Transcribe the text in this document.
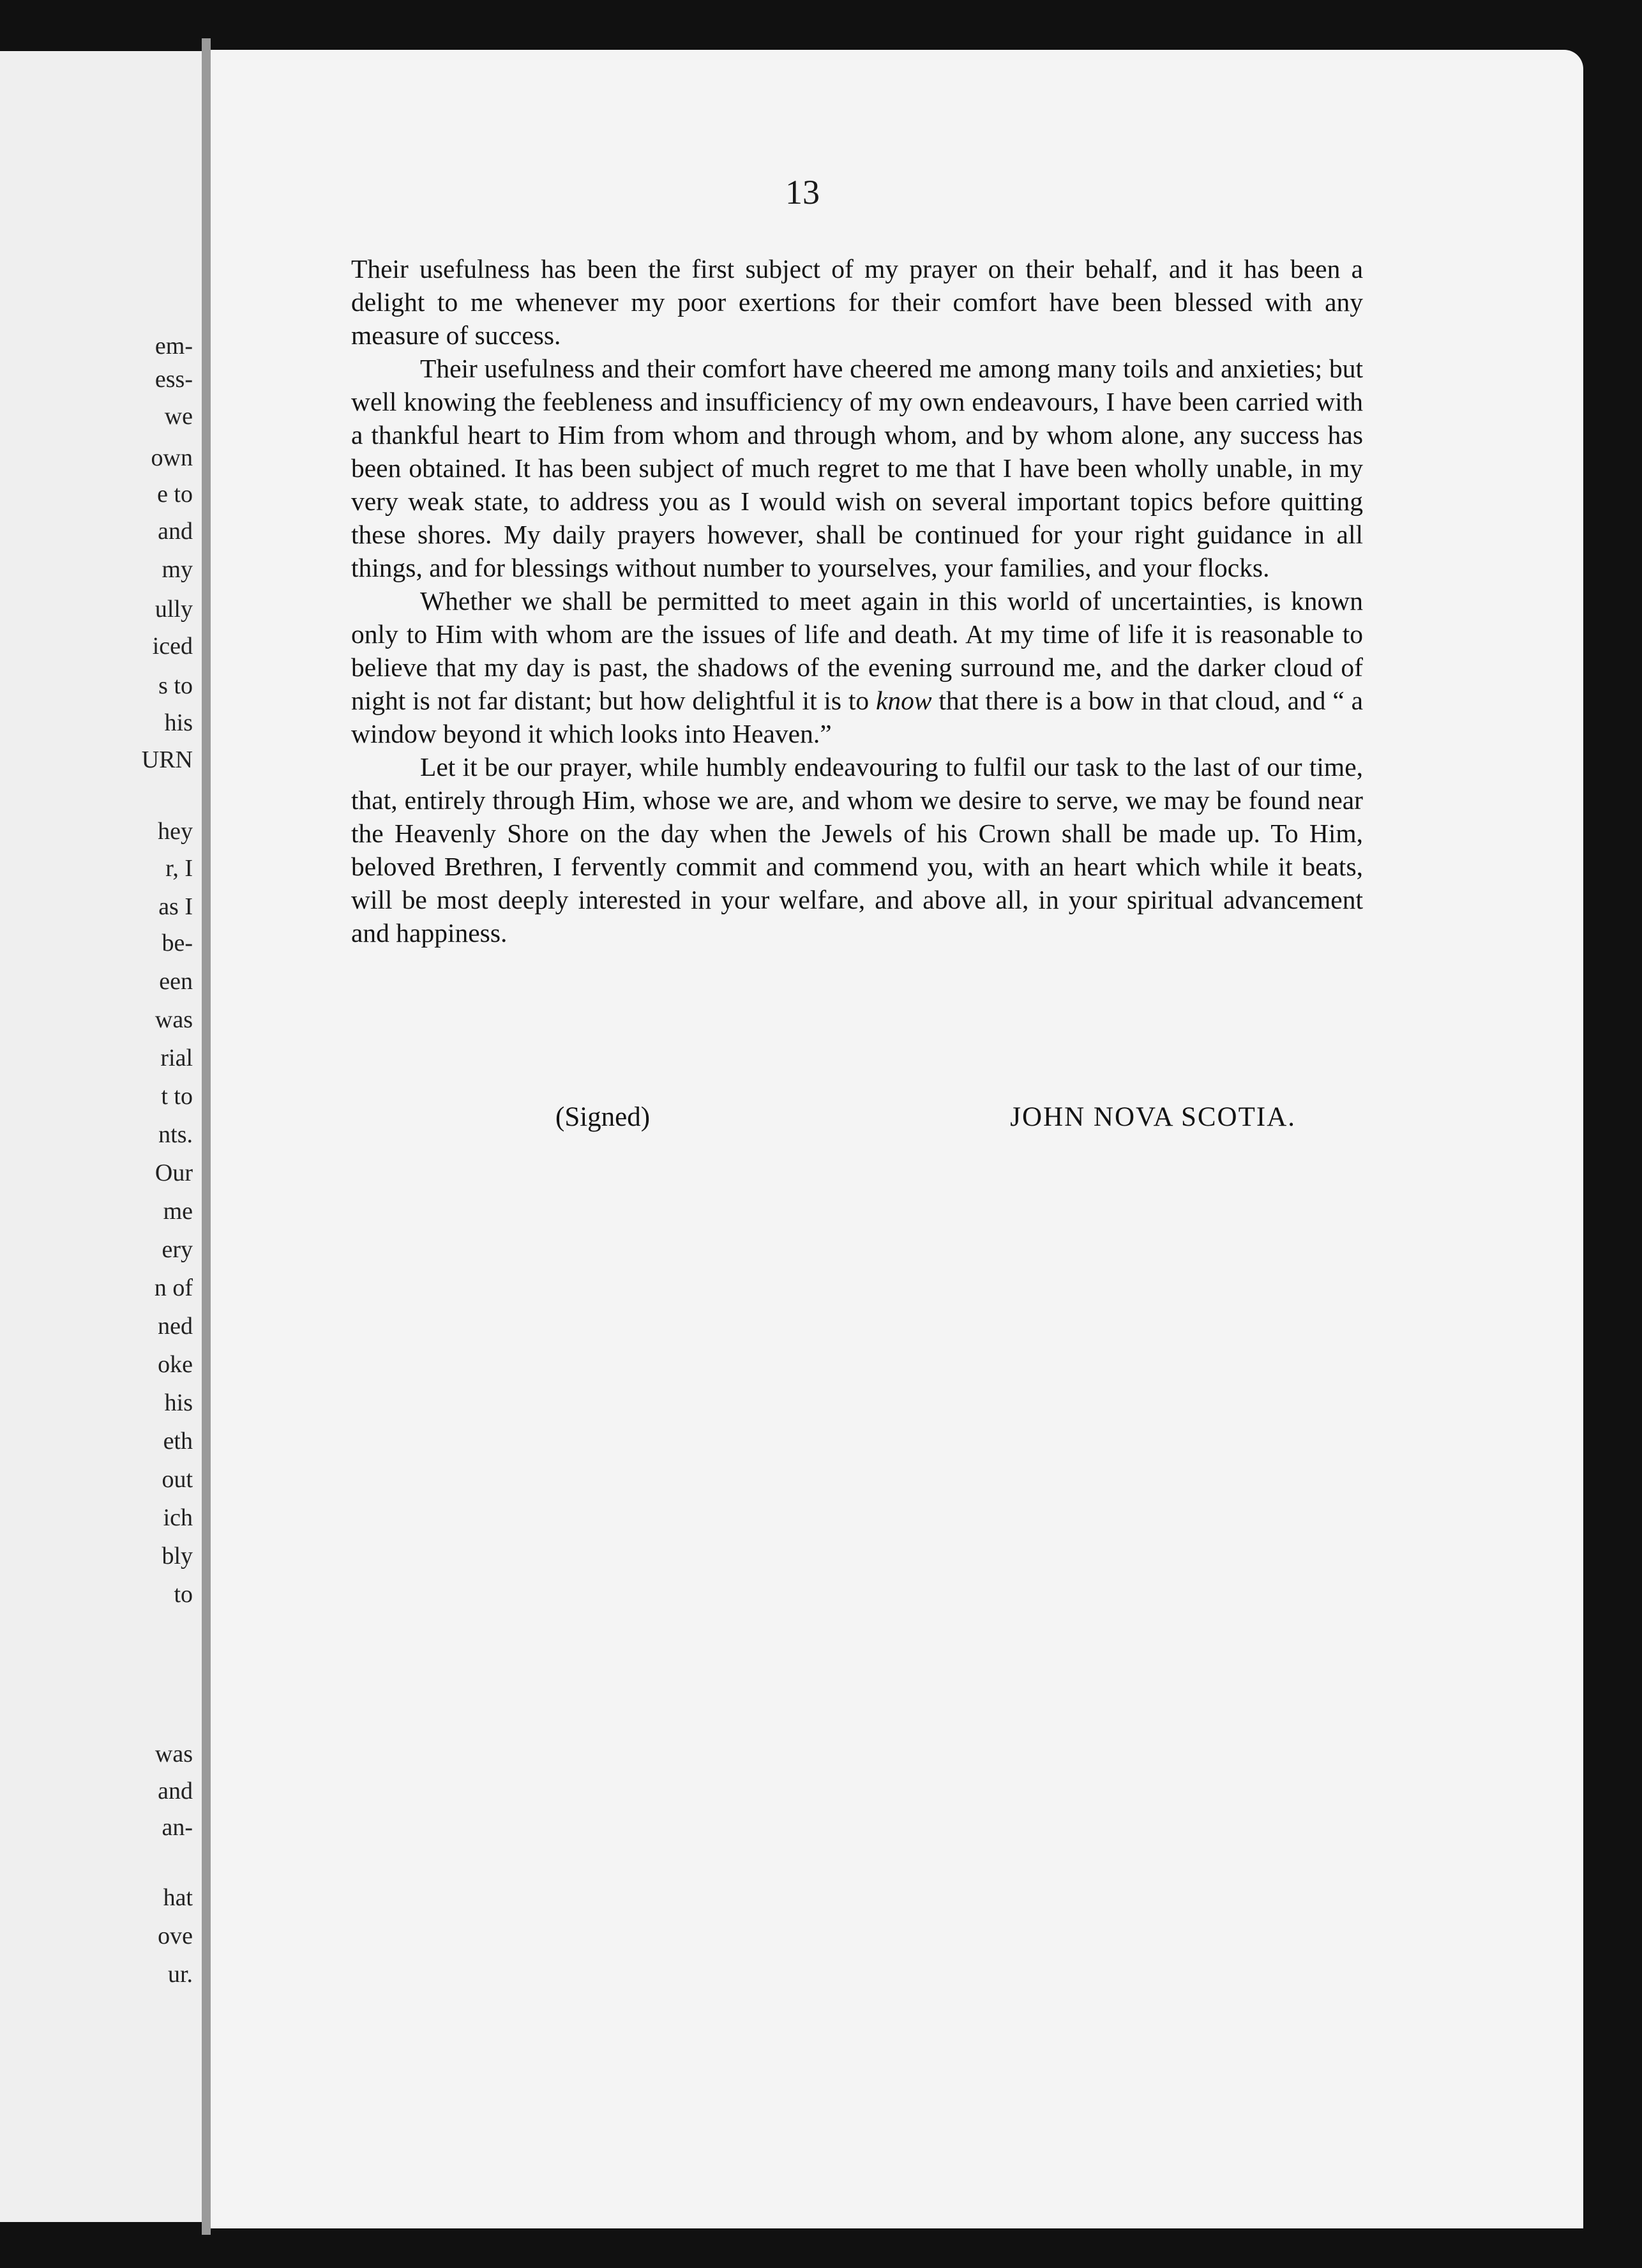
em-
ess-
we
own
e to
and
my
ully
iced
s to
his
URN
hey
r, I
as I
be-
een
was
rial
t to
nts.
Our
me
ery
n of
ned
oke
his
eth
out
ich
bly
to
was
and
an-
hat
ove
ur.
13

Their usefulness has been the first subject of my prayer on their behalf, and it has been a delight to me whenever my poor exertions for their comfort have been blessed with any measure of success.

Their usefulness and their comfort have cheered me among many toils and anxieties; but well knowing the feebleness and insufficiency of my own endeavours, I have been carried with a thankful heart to Him from whom and through whom, and by whom alone, any success has been obtained. It has been subject of much regret to me that I have been wholly unable, in my very weak state, to address you as I would wish on several important topics before quitting these shores. My daily prayers however, shall be continued for your right guidance in all things, and for blessings without number to yourselves, your families, and your flocks.

Whether we shall be permitted to meet again in this world of uncertainties, is known only to Him with whom are the issues of life and death. At my time of life it is reasonable to believe that my day is past, the shadows of the evening surround me, and the darker cloud of night is not far distant; but how delightful it is to know that there is a bow in that cloud, and “ a window beyond it which looks into Heaven.”

Let it be our prayer, while humbly endeavouring to fulfil our task to the last of our time, that, entirely through Him, whose we are, and whom we desire to serve, we may be found near the Heavenly Shore on the day when the Jewels of his Crown shall be made up. To Him, beloved Brethren, I fervently commit and commend you, with an heart which while it beats, will be most deeply interested in your welfare, and above all, in your spiritual advancement and happiness.

(Signed)	JOHN NOVA SCOTIA.
